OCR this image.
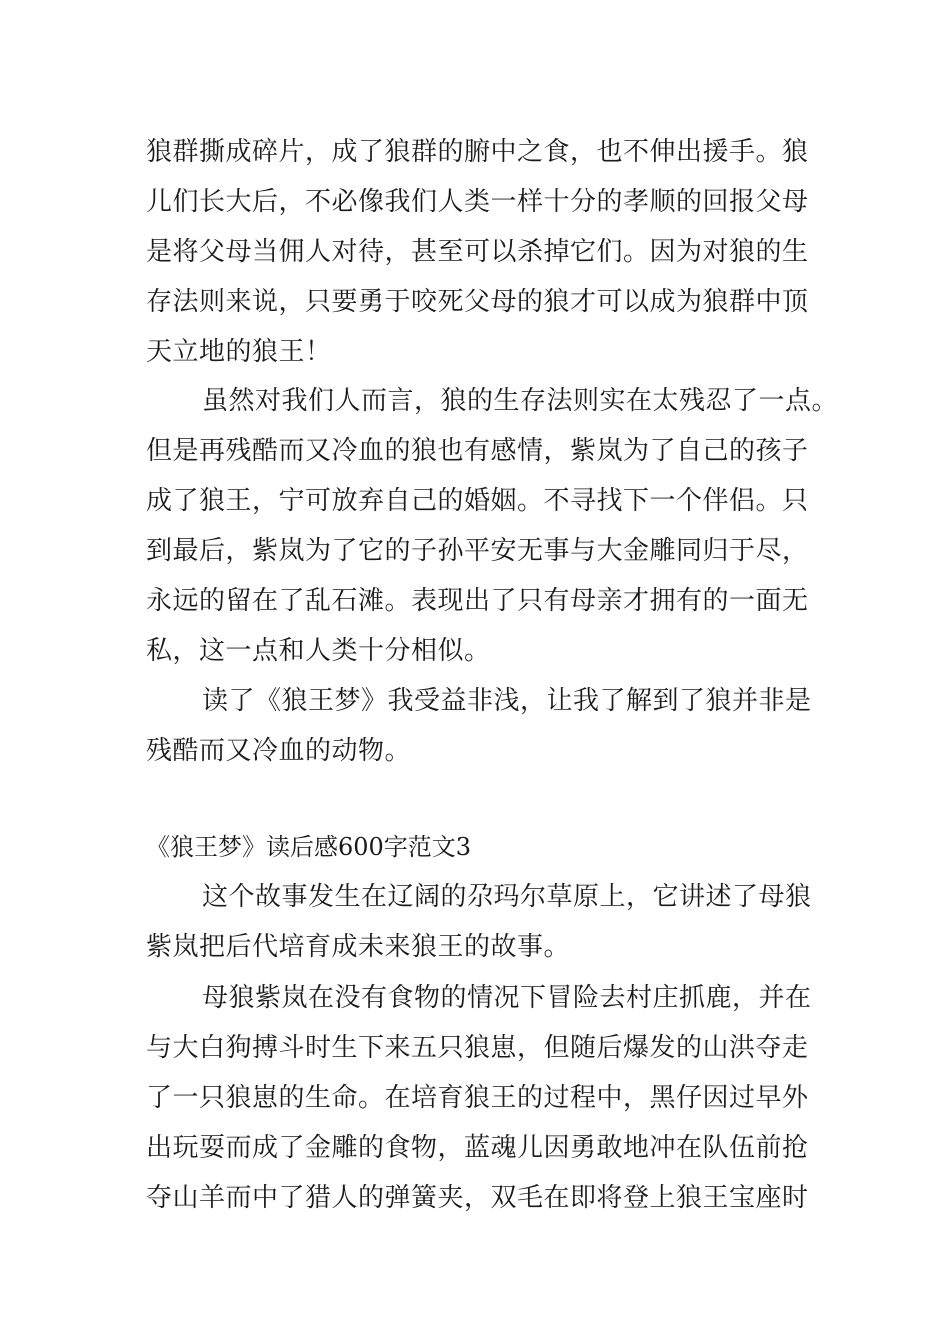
狼群撕成碎片，成了狼群的腑中之食，也不伸出援手。狼
儿们长大后，不必像我们人类一样十分的孝顺的回报父母
是将父母当佣人对待，甚至可以杀掉它们。因为对狼的生
存法则来说，只要勇于咬死父母的狼才可以成为狼群中顶
天立地的狼王！
虽然对我们人而言，狼的生存法则实在太残忍了一点。
但是再残酷而又冷血的狼也有感情，紫岚为了自己的孩子
成了狼王，宁可放弃自己的婚姻。不寻找下一个伴侣。只
到最后，紫岚为了它的子孙平安无事与大金雕同归于尽，
永远的留在了乱石滩。表现出了只有母亲才拥有的一面无
私，这一点和人类十分相似。
读了《狼王梦》我受益非浅，让我了解到了狼并非是
残酷而又冷血的动物。
《狼王梦》读后感600字范文3
这个故事发生在辽阔的尕玛尔草原上，它讲述了母狼
紫岚把后代培育成未来狼王的故事。
母狼紫岚在没有食物的情况下冒险去村庄抓鹿，并在
与大白狗搏斗时生下来五只狼崽，但随后爆发的山洪夺走
了一只狼崽的生命。在培育狼王的过程中，黑仔因过早外
出玩耍而成了金雕的食物，蓝魂儿因勇敢地冲在队伍前抢
夺山羊而中了猎人的弹簧夹，双毛在即将登上狼王宝座时
